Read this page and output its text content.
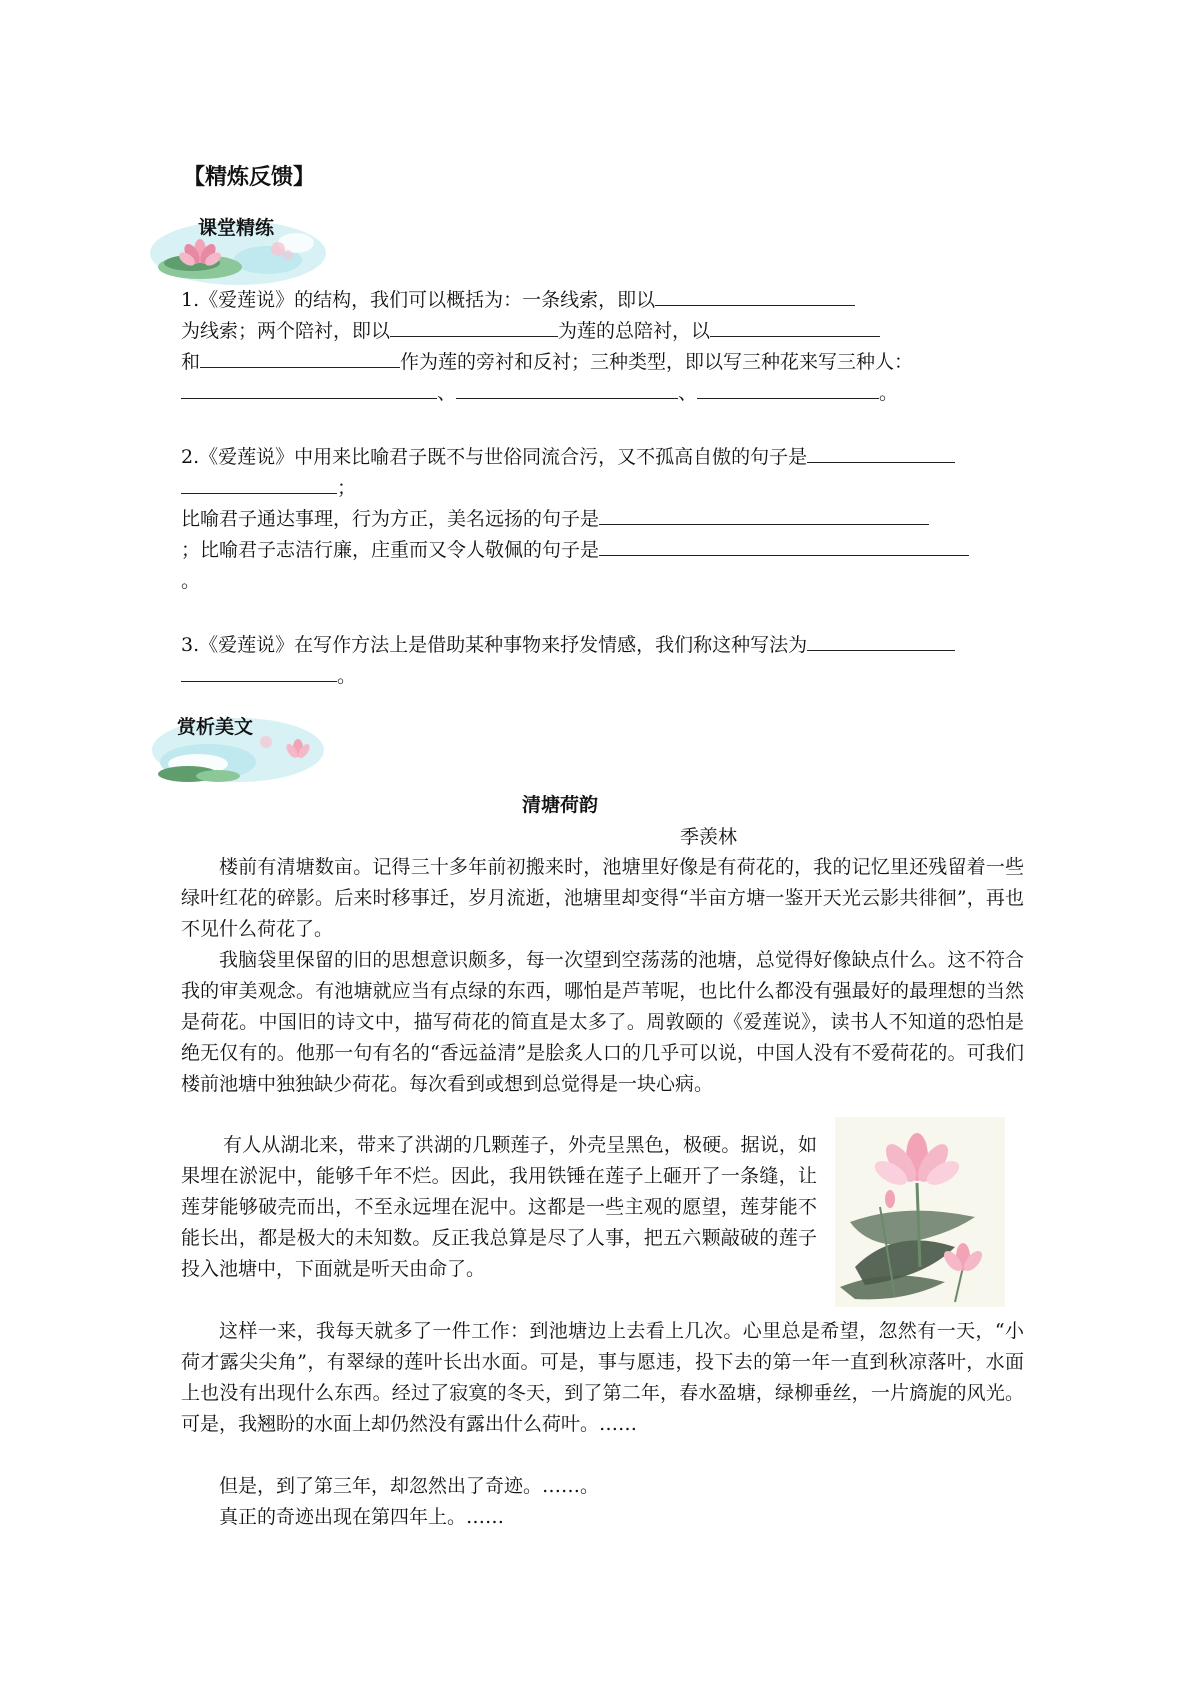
【精炼反馈】
课堂精练
1.《爱莲说》的结构，我们可以概括为：一条线索，即以
为线索；两个陪衬，即以	为莲的总陪衬，以
和	作为莲的旁衬和反衬；三种类型，即以写三种花来写三种人：
、	、	。
2.《爱莲说》中用来比喻君子既不与世俗同流合污，又不孤高自傲的句子是
；
比喻君子通达事理，行为方正，美名远扬的句子是
；比喻君子志洁行廉，庄重而又令人敬佩的句子是
。
3.《爱莲说》在写作方法上是借助某种事物来抒发情感，我们称这种写法为
。
赏析美文
清塘荷韵
季羡林
楼前有清塘数亩。记得三十多年前初搬来时，池塘里好像是有荷花的，我的记忆里还残留着一些绿叶红花的碎影。后来时移事迁，岁月流逝，池塘里却变得“半亩方塘一鉴开天光云影共徘徊”，再也不见什么荷花了。
我脑袋里保留的旧的思想意识颇多，每一次望到空荡荡的池塘，总觉得好像缺点什么。这不符合我的审美观念。有池塘就应当有点绿的东西，哪怕是芦苇呢，也比什么都没有强最好的最理想的当然是荷花。中国旧的诗文中，描写荷花的简直是太多了。周敦颐的《爱莲说》，读书人不知道的恐怕是绝无仅有的。他那一句有名的“香远益清”是脍炙人口的几乎可以说，中国人没有不爱荷花的。可我们楼前池塘中独独缺少荷花。每次看到或想到总觉得是一块心病。
有人从湖北来，带来了洪湖的几颗莲子，外壳呈黑色，极硬。据说，如果埋在淤泥中，能够千年不烂。因此，我用铁锤在莲子上砸开了一条缝，让莲芽能够破壳而出，不至永远埋在泥中。这都是一些主观的愿望，莲芽能不能长出，都是极大的未知数。反正我总算是尽了人事，把五六颗敲破的莲子投入池塘中，下面就是听天由命了。
这样一来，我每天就多了一件工作：到池塘边上去看上几次。心里总是希望，忽然有一天，“小荷才露尖尖角”，有翠绿的莲叶长出水面。可是，事与愿违，投下去的第一年一直到秋凉落叶，水面上也没有出现什么东西。经过了寂寞的冬天，到了第二年，春水盈塘，绿柳垂丝，一片旖旎的风光。可是，我翘盼的水面上却仍然没有露出什么荷叶。……
但是，到了第三年，却忽然出了奇迹。……。
真正的奇迹出现在第四年上。……
